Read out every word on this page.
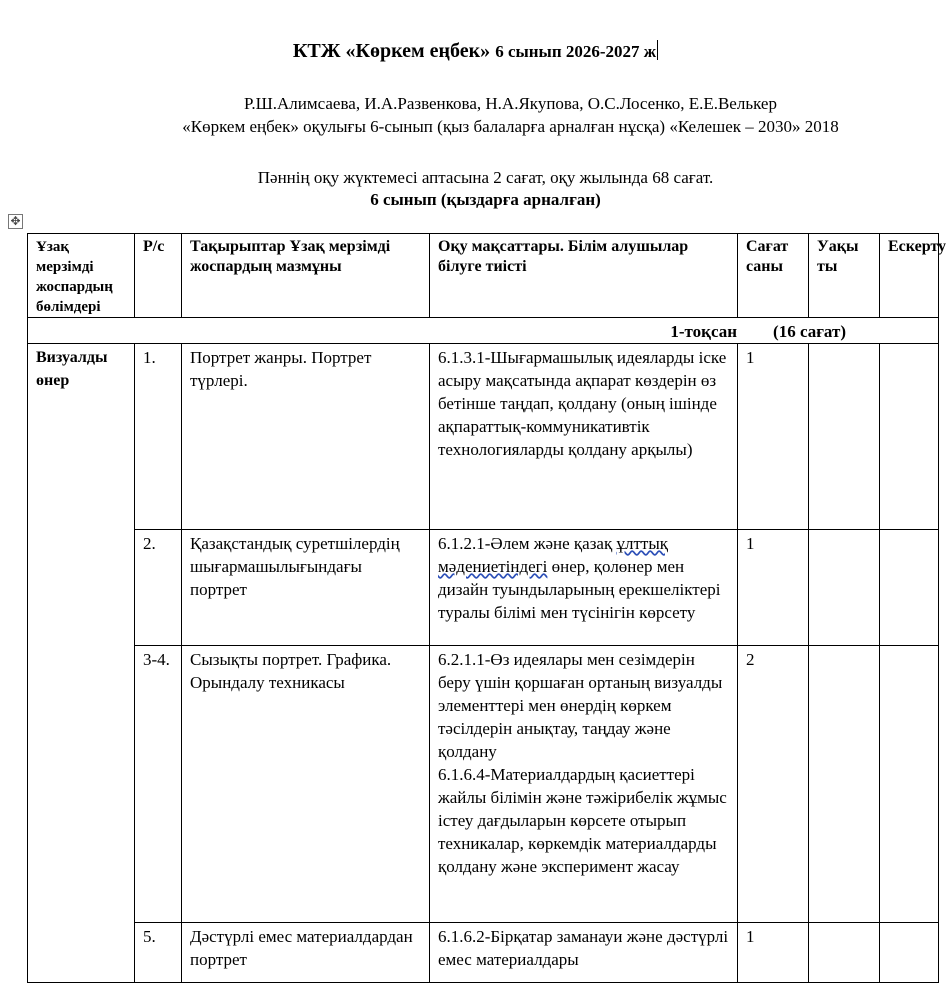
КТЖ «Көркем еңбек» 6 сынып 2026-2027 ж
Р.Ш.Алимсаева, И.А.Развенкова, Н.А.Якупова, О.С.Лосенко, Е.Е.Велькер
«Көркем еңбек» оқулығы 6-сынып (қыз балаларға арналған нұсқа) «Келешек – 2030» 2018
Пәннің оқу жүктемесі аптасына 2 сағат, оқу жылында 68 сағат.
6 сынып (қыздарға арналған)
✥
Ұзақ мерзімді жоспардың бөлімдері	Р/с	Тақырыптар Ұзақ мерзімді жоспардың мазмұны	Оқу мақсаттары. Білім алушылар білуге тиісті	Сағат саны	Уақы ты	Ескерту
1-тоқсан (16 сағат)						
Визуалды өнер	1.	Портрет жанры. Портрет түрлері.	6.1.3.1-Шығармашылық идеяларды іске асыру мақсатында ақпарат көздерін өз бетінше таңдап, қолдану (оның ішінде ақпараттық-коммуникативтік технологияларды қолдану арқылы)	1		
	2.	Қазақстандық суретшілердің шығармашылығындағы портрет	6.1.2.1-Әлем және қазақ ұлттық мәдениетіндегі өнер, қолөнер мен дизайн туындыларының ерекшеліктері туралы білімі мен түсінігін көрсету	1		
	3-4.	Сызықты портрет. Графика. Орындалу техникасы	6.2.1.1-Өз идеялары мен сезімдерін беру үшін қоршаған ортаның визуалды элементтері мен өнердің көркем тәсілдерін анықтау, таңдау және қолдану
6.1.6.4-Материалдардың қасиеттері жайлы білімін және тәжірибелік жұмыс істеу дағдыларын көрсете отырып техникалар, көркемдік материалдарды қолдану және эксперимент жасау	2		
	5.	Дәстүрлі емес материалдардан портрет	6.1.6.2-Бірқатар заманауи және дәстүрлі емес материалдары	1		
